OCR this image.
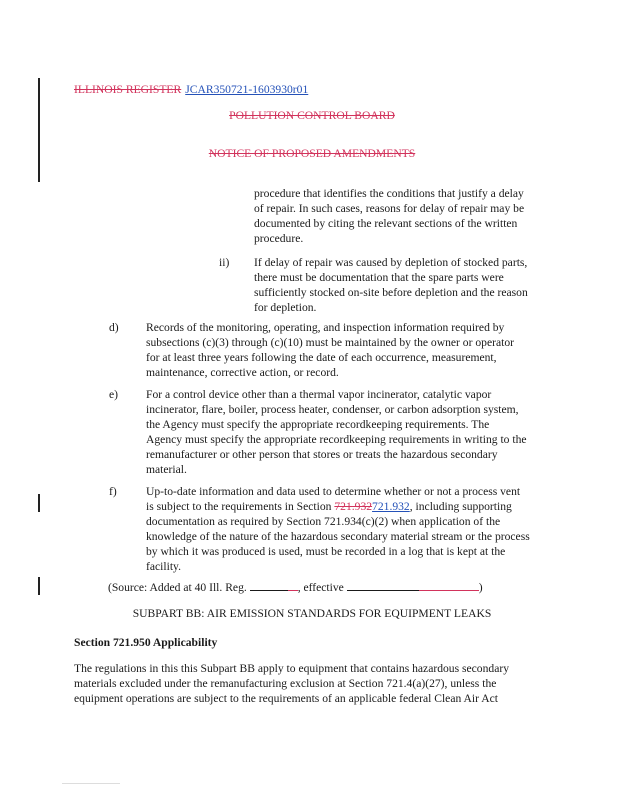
ILLINOIS REGISTER JCAR350721-1603930r01
POLLUTION CONTROL BOARD
NOTICE OF PROPOSED AMENDMENTS

procedure that identifies the conditions that justify a delay

of repair. In such cases, reasons for delay of repair may be

documented by citing the relevant sections of the written

procedure.

ii) If delay of repair was caused by depletion of stocked parts,

there must be documentation that the spare parts were

sufficiently stocked on-site before depletion and the reason

for depletion.

d) Records of the monitoring, operating, and inspection information required by

subsections (c)(3) through (c)(10) must be maintained by the owner or operator

for at least three years following the date of each occurrence, measurement,

maintenance, corrective action, or record.

e) For a control device other than a thermal vapor incinerator, catalytic vapor

incinerator, flare, boiler, process heater, condenser, or carbon adsorption system,

the Agency must specify the appropriate recordkeeping requirements. The

Agency must specify the appropriate recordkeeping requirements in writing to the

remanufacturer or other person that stores or treats the hazardous secondary

material.

f)	Up-to-date information and data used to determine whether or not a process vent

is subject to the requirements in Section 721.932721.932, including supporting

documentation as required by Section 721.934(c)(2) when application of the

knowledge of the nature of the hazardous secondary material stream or the process

by which it was produced is used, must be recorded in a log that is kept at the

facility.

(Source: Added at 40 Ill. Reg.	, effective	)
SUBPART BB: AIR EMISSION STANDARDS FOR EQUIPMENT LEAKS
Section 721.950 Applicability

The regulations in this this Subpart BB apply to equipment that contains hazardous secondary

materials excluded under the remanufacturing exclusion at Section 721.4(a)(27), unless the

equipment operations are subject to the requirements of an applicable federal Clean Air Act
